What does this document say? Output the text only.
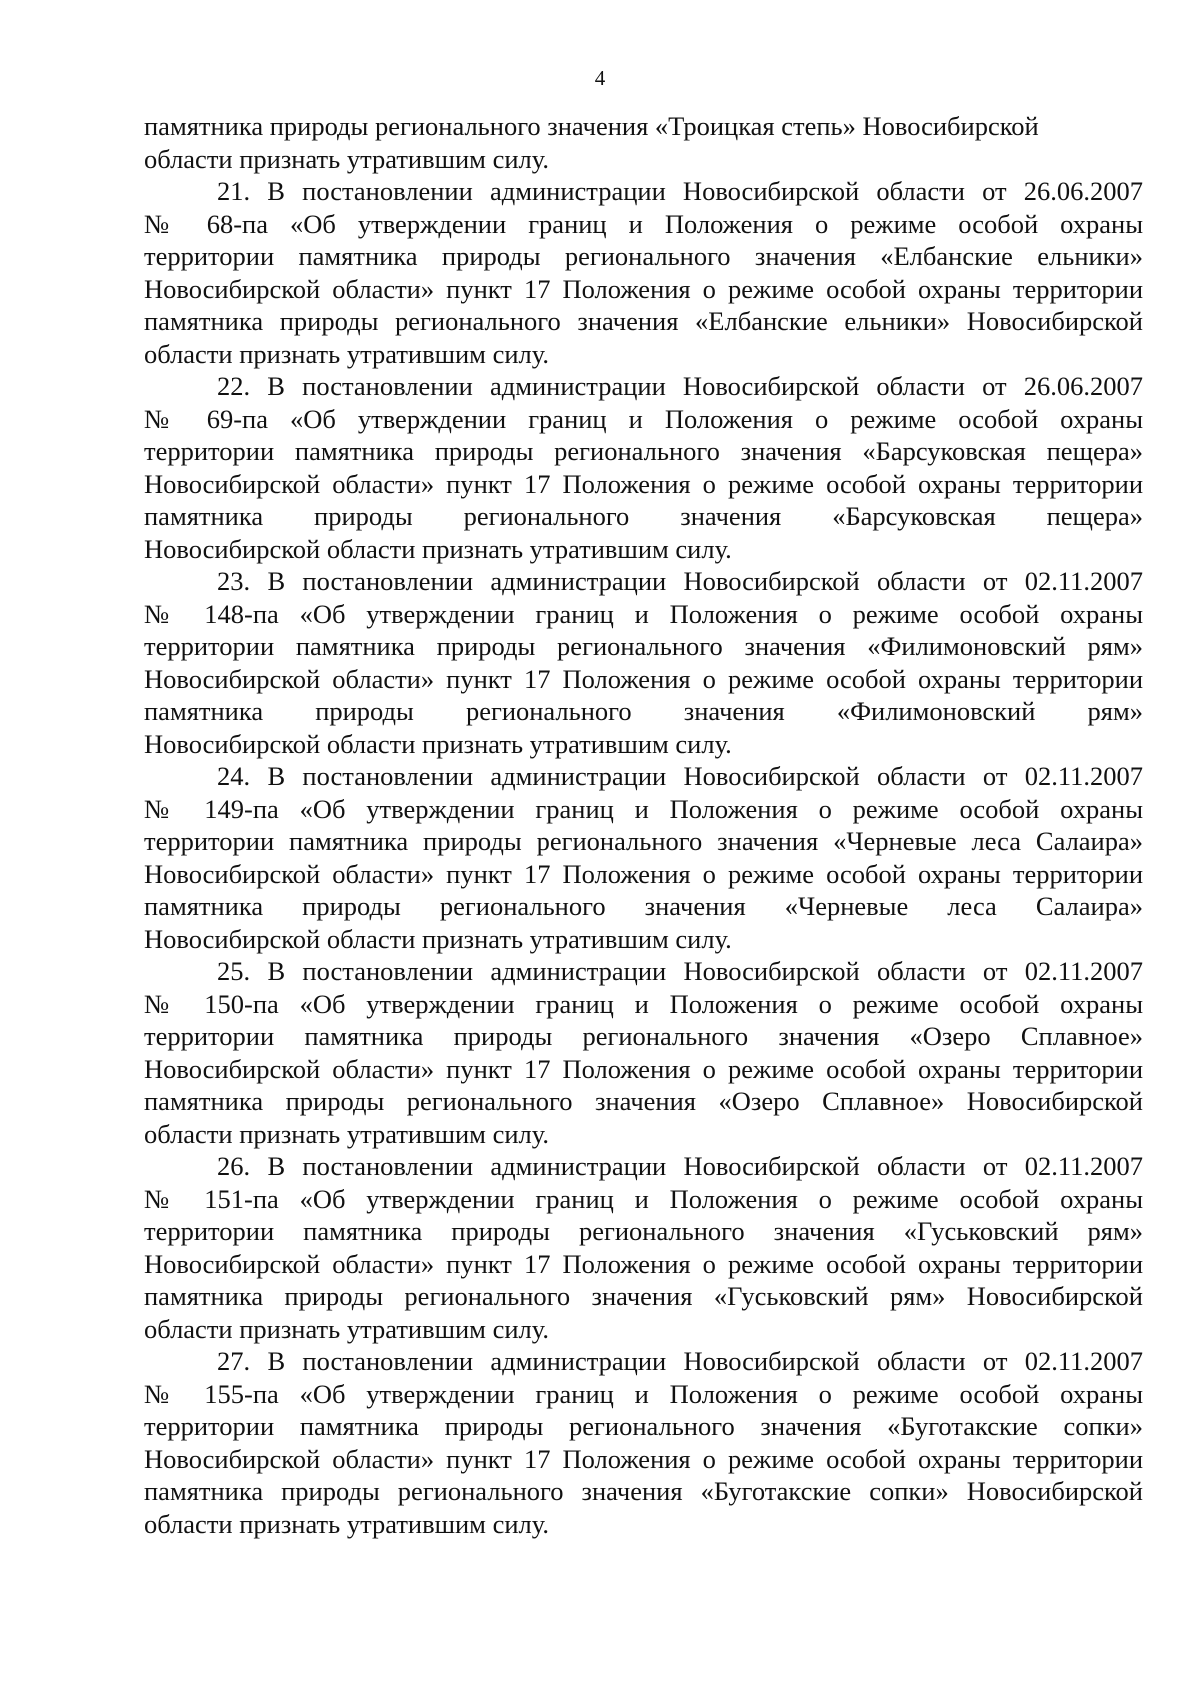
4
памятника природы регионального значения «Троицкая степь» Новосибирской
области признать утратившим силу.
21. В постановлении администрации Новосибирской области от 26.06.2007
№ 68-па «Об утверждении границ и Положения о режиме особой охраны
территории памятника природы регионального значения «Елбанские ельники»
Новосибирской области» пункт 17 Положения о режиме особой охраны территории
памятника природы регионального значения «Елбанские ельники» Новосибирской
области признать утратившим силу.
22. В постановлении администрации Новосибирской области от 26.06.2007
№ 69-па «Об утверждении границ и Положения о режиме особой охраны
территории памятника природы регионального значения «Барсуковская пещера»
Новосибирской области» пункт 17 Положения о режиме особой охраны территории
памятника природы регионального значения «Барсуковская пещера»
Новосибирской области признать утратившим силу.
23. В постановлении администрации Новосибирской области от 02.11.2007
№ 148-па «Об утверждении границ и Положения о режиме особой охраны
территории памятника природы регионального значения «Филимоновский рям»
Новосибирской области» пункт 17 Положения о режиме особой охраны территории
памятника природы регионального значения «Филимоновский рям»
Новосибирской области признать утратившим силу.
24. В постановлении администрации Новосибирской области от 02.11.2007
№ 149-па «Об утверждении границ и Положения о режиме особой охраны
территории памятника природы регионального значения «Черневые леса Салаира»
Новосибирской области» пункт 17 Положения о режиме особой охраны территории
памятника природы регионального значения «Черневые леса Салаира»
Новосибирской области признать утратившим силу.
25. В постановлении администрации Новосибирской области от 02.11.2007
№ 150-па «Об утверждении границ и Положения о режиме особой охраны
территории памятника природы регионального значения «Озеро Сплавное»
Новосибирской области» пункт 17 Положения о режиме особой охраны территории
памятника природы регионального значения «Озеро Сплавное» Новосибирской
области признать утратившим силу.
26. В постановлении администрации Новосибирской области от 02.11.2007
№ 151-па «Об утверждении границ и Положения о режиме особой охраны
территории памятника природы регионального значения «Гуськовский рям»
Новосибирской области» пункт 17 Положения о режиме особой охраны территории
памятника природы регионального значения «Гуськовский рям» Новосибирской
области признать утратившим силу.
27. В постановлении администрации Новосибирской области от 02.11.2007
№ 155-па «Об утверждении границ и Положения о режиме особой охраны
территории памятника природы регионального значения «Буготакские сопки»
Новосибирской области» пункт 17 Положения о режиме особой охраны территории
памятника природы регионального значения «Буготакские сопки» Новосибирской
области признать утратившим силу.
